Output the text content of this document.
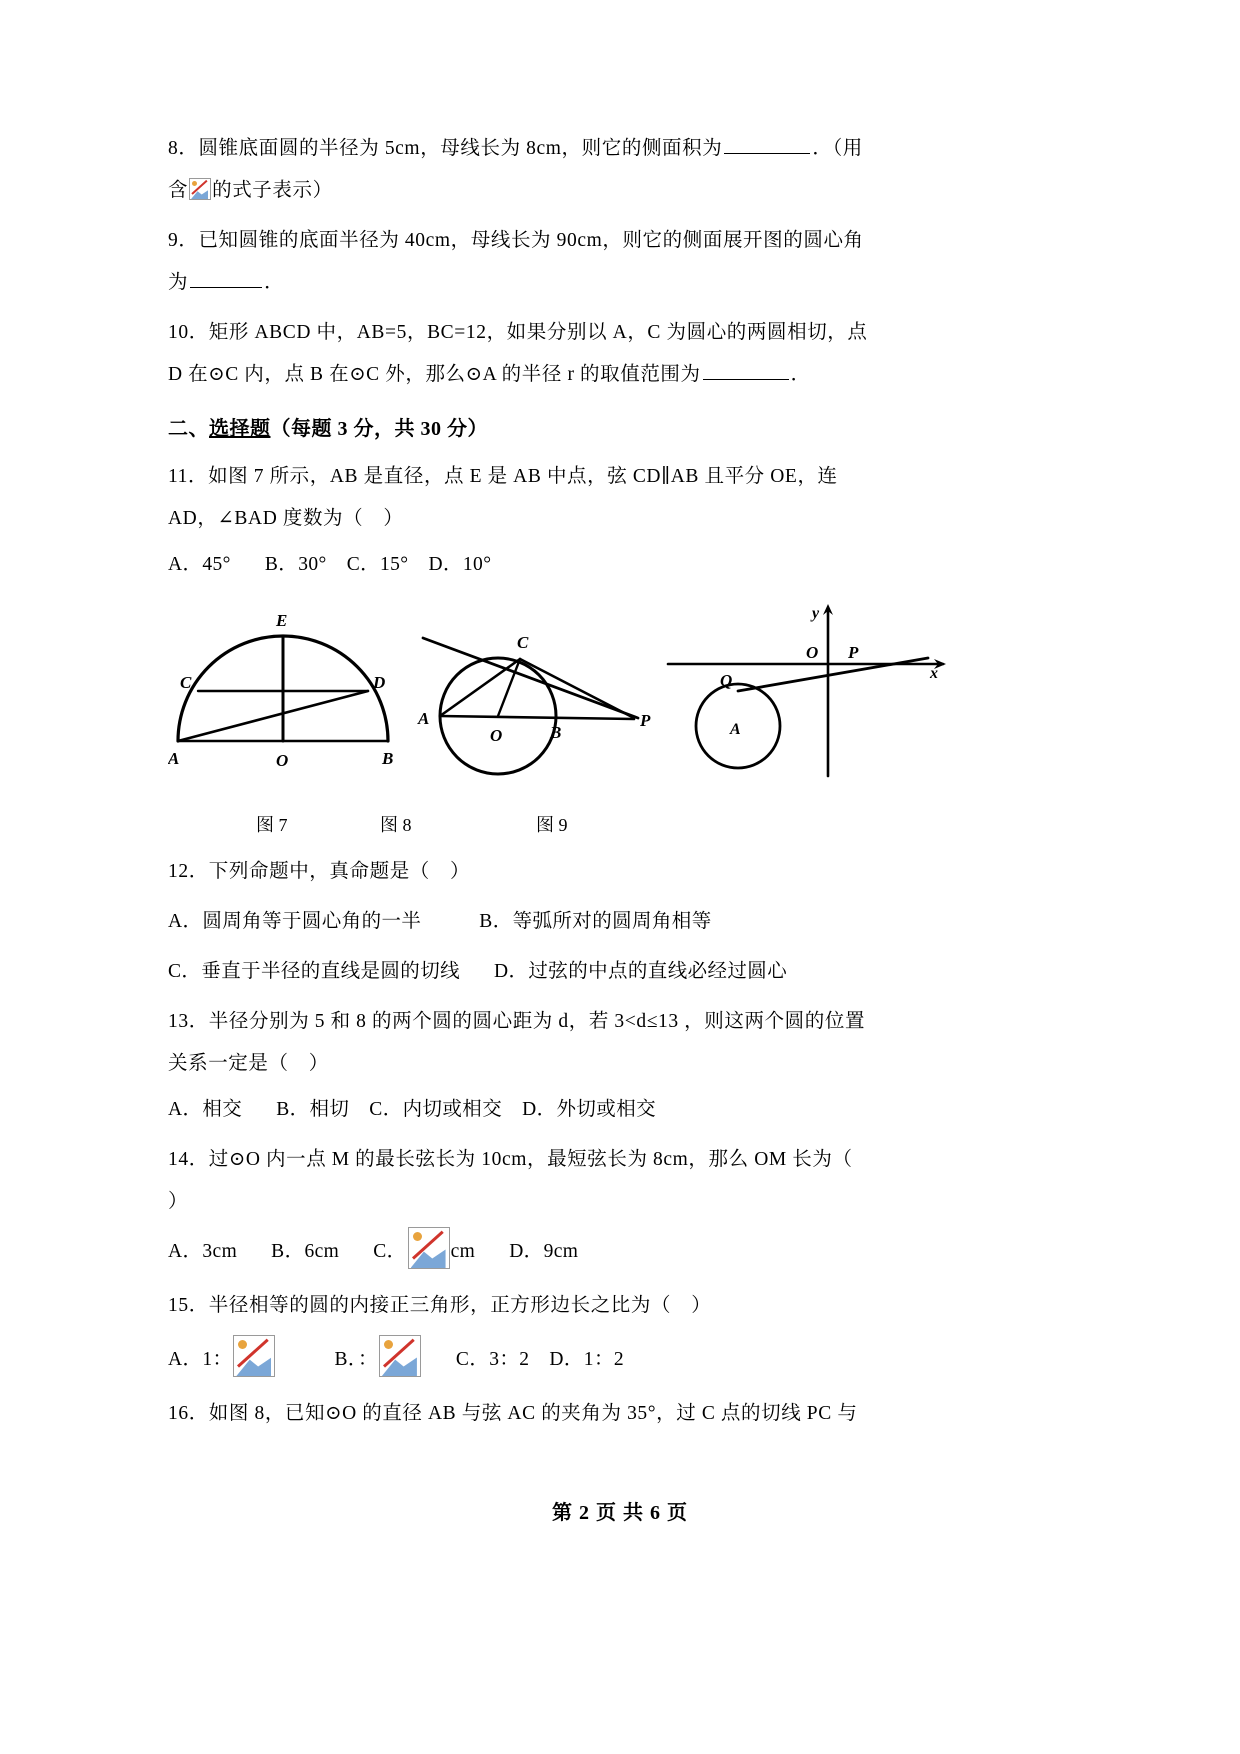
8．圆锥底面圆的半径为 5cm，母线长为 8cm，则它的侧面积为	．（用
含 的式子表示）

9．已知圆锥的底面半径为 40cm，母线长为 90cm，则它的侧面展开图的圆心角
为	．

10．矩形 ABCD 中，AB=5，BC=12，如果分别以 A，C 为圆心的两圆相切，点
D 在⊙C 内，点 B 在⊙C 外，那么⊙A 的半径 r 的取值范围为	．

二、选择题（每题 3 分，共 30 分）

11．如图 7 所示，AB 是直径，点 E 是 AB 中点，弦 CD∥AB 且平分 OE，连
AD，∠BAD 度数为（　）

A．45° B．30° C．15° D．10°

E
C	D
A	O	B
C
A
O	B
P
O P
y
x
Q
A
图 7	图 8	图 9

12．下列命题中，真命题是（　）

A．圆周角等于圆心角的一半	B．等弧所对的圆周角相等

C．垂直于半径的直线是圆的切线 D．过弦的中点的直线必经过圆心

13．半径分别为 5 和 8 的两个圆的圆心距为 d，若 3<d≤13 ，则这两个圆的位置
关系一定是（　）

A．相交 B．相切 C．内切或相交 D．外切或相交

14．过⊙O 内一点 M 的最长弦长为 10cm，最短弦长为 8cm，那么 OM 长为（
）

A．3cm B．6cm C． cm D．9cm

15．半径相等的圆的内接正三角形，正方形边长之比为（　）

A．1：	B．：	C．3：2 D．1：2

16．如图 8，已知⊙O 的直径 AB 与弦 AC 的夹角为 35°，过 C 点的切线 PC 与

第 2 页 共 6 页
